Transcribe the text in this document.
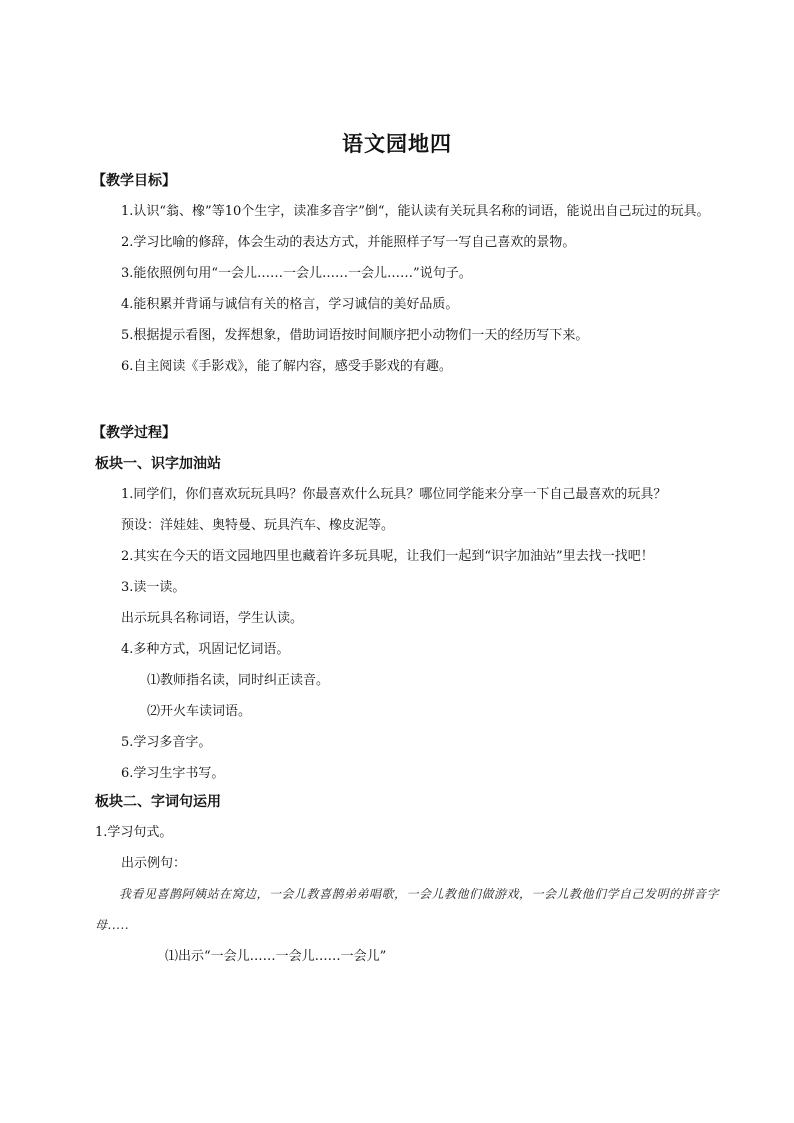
语文园地四
【教学目标】
1.认识“翁、橡”等10个生字，读准多音字”倒“，能认读有关玩具名称的词语，能说出自己玩过的玩具。
2.学习比喻的修辞，体会生动的表达方式，并能照样子写一写自己喜欢的景物。
3.能依照例句用“一会儿……一会儿……一会儿……”说句子。
4.能积累并背诵与诚信有关的格言，学习诚信的美好品质。
5.根据提示看图，发挥想象，借助词语按时间顺序把小动物们一天的经历写下来。
6.自主阅读《手影戏》，能了解内容，感受手影戏的有趣。
【教学过程】
板块一、识字加油站
1.同学们，你们喜欢玩玩具吗？你最喜欢什么玩具？哪位同学能来分享一下自己最喜欢的玩具？
预设：洋娃娃、奥特曼、玩具汽车、橡皮泥等。
2.其实在今天的语文园地四里也藏着许多玩具呢，让我们一起到“识字加油站”里去找一找吧！
3.读一读。
出示玩具名称词语，学生认读。
4.多种方式，巩固记忆词语。
⑴教师指名读，同时纠正读音。
⑵开火车读词语。
5.学习多音字。
6.学习生字书写。
板块二、字词句运用
1.学习句式。
出示例句：
我看见喜鹊阿姨站在窝边，一会儿教喜鹊弟弟唱歌，一会儿教他们做游戏，一会儿教他们学自己发明的拼音字母.....
⑴出示“一会儿……一会儿……一会儿”
